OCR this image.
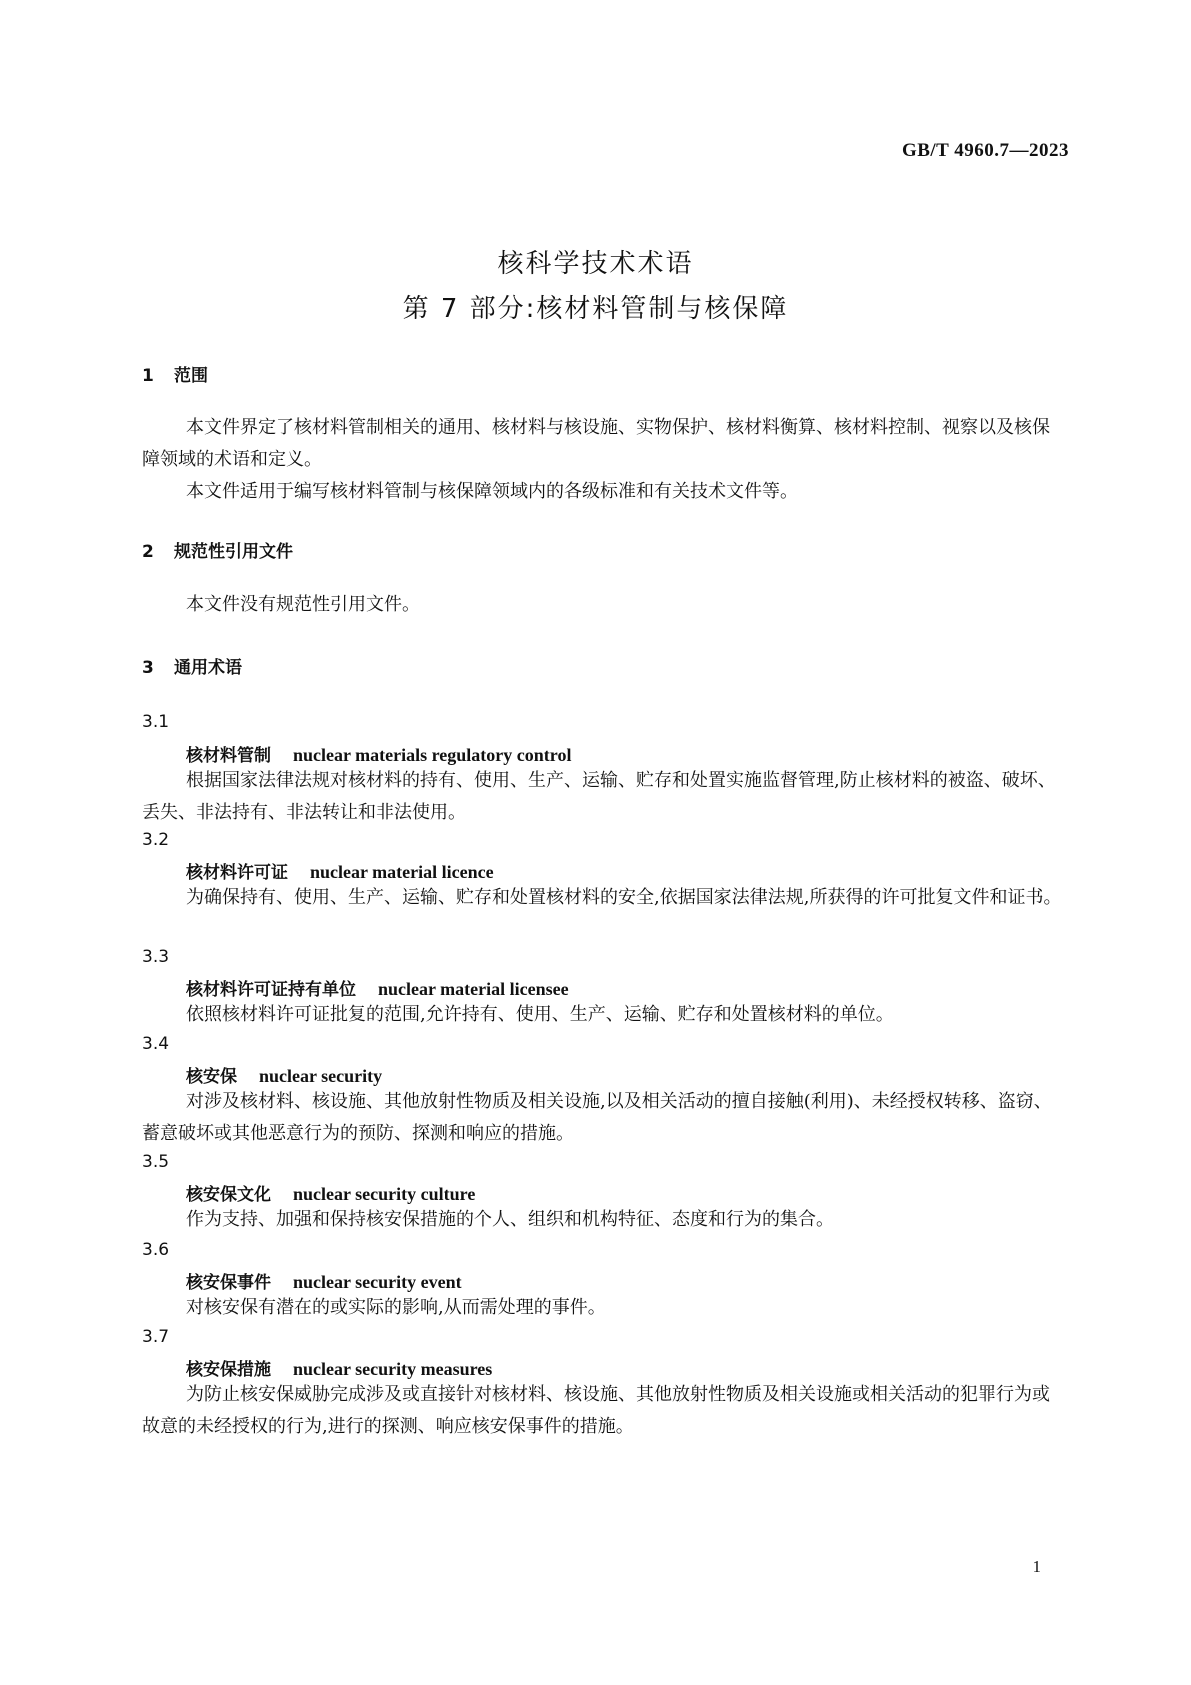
GB/T 4960.7—2023
核科学技术术语
第 7 部分:核材料管制与核保障
1 范围
本文件界定了核材料管制相关的通用、核材料与核设施、实物保护、核材料衡算、核材料控制、视察以及核保障领域的术语和定义。
本文件适用于编写核材料管制与核保障领域内的各级标准和有关技术文件等。
2 规范性引用文件
本文件没有规范性引用文件。
3 通用术语
3.1
核材料管制 nuclear materials regulatory control
根据国家法律法规对核材料的持有、使用、生产、运输、贮存和处置实施监督管理,防止核材料的被盗、破坏、丢失、非法持有、非法转让和非法使用。
3.2
核材料许可证 nuclear material licence
为确保持有、使用、生产、运输、贮存和处置核材料的安全,依据国家法律法规,所获得的许可批复文件和证书。
3.3
核材料许可证持有单位 nuclear material licensee
依照核材料许可证批复的范围,允许持有、使用、生产、运输、贮存和处置核材料的单位。
3.4
核安保 nuclear security
对涉及核材料、核设施、其他放射性物质及相关设施,以及相关活动的擅自接触(利用)、未经授权转移、盗窃、蓄意破坏或其他恶意行为的预防、探测和响应的措施。
3.5
核安保文化 nuclear security culture
作为支持、加强和保持核安保措施的个人、组织和机构特征、态度和行为的集合。
3.6
核安保事件 nuclear security event
对核安保有潜在的或实际的影响,从而需处理的事件。
3.7
核安保措施 nuclear security measures
为防止核安保威胁完成涉及或直接针对核材料、核设施、其他放射性物质及相关设施或相关活动的犯罪行为或故意的未经授权的行为,进行的探测、响应核安保事件的措施。
1
